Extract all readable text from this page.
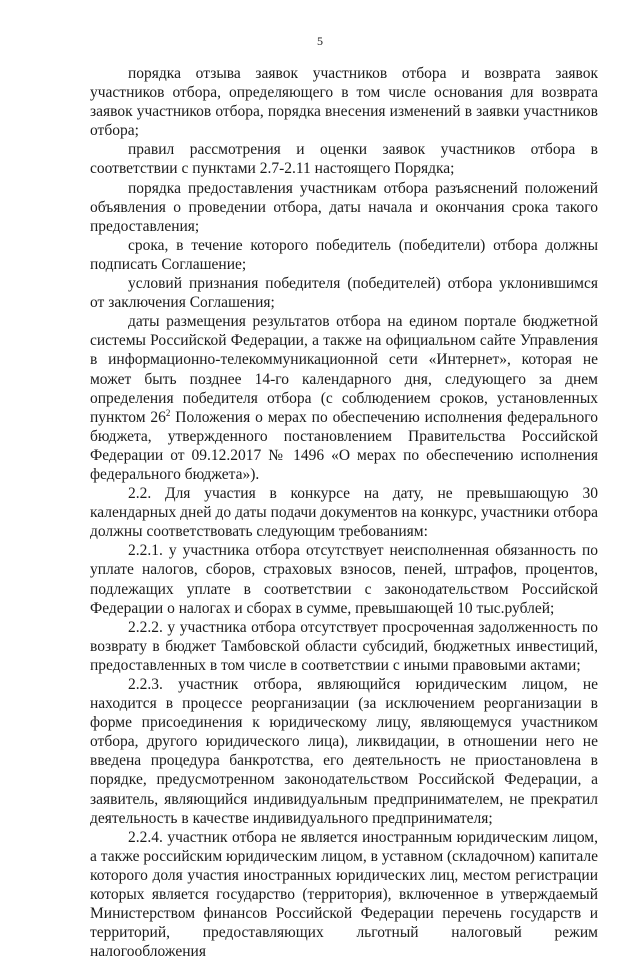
5

порядка отзыва заявок участников отбора и возврата заявок участников отбора, определяющего в том числе основания для возврата заявок участников отбора, порядка внесения изменений в заявки участников отбора;

правил рассмотрения и оценки заявок участников отбора в соответствии с пунктами 2.7-2.11 настоящего Порядка;

порядка предоставления участникам отбора разъяснений положений объявления о проведении отбора, даты начала и окончания срока такого предоставления;

срока, в течение которого победитель (победители) отбора должны подписать Соглашение;

условий признания победителя (победителей) отбора уклонившимся от заключения Соглашения;

даты размещения результатов отбора на едином портале бюджетной системы Российской Федерации, а также на официальном сайте Управления в информационно-телекоммуникационной сети «Интернет», которая не может быть позднее 14-го календарного дня, следующего за днем определения победителя отбора (с соблюдением сроков, установленных пунктом $26^2$ Положения о мерах по обеспечению исполнения федерального бюджета, утвержденного постановлением Правительства Российской Федерации от 09.12.2017 № 1496 «О мерах по обеспечению исполнения федерального бюджета»).

2.2. Для участия в конкурсе на дату, не превышающую 30 календарных дней до даты подачи документов на конкурс, участники отбора должны соответствовать следующим требованиям:

2.2.1. у участника отбора отсутствует неисполненная обязанность по уплате налогов, сборов, страховых взносов, пеней, штрафов, процентов, подлежащих уплате в соответствии с законодательством Российской Федерации о налогах и сборах в сумме, превышающей 10 тыс.рублей;

2.2.2. у участника отбора отсутствует просроченная задолженность по возврату в бюджет Тамбовской области субсидий, бюджетных инвестиций, предоставленных в том числе в соответствии с иными правовыми актами;

2.2.3. участник отбора, являющийся юридическим лицом, не находится в процессе реорганизации (за исключением реорганизации в форме присоединения к юридическому лицу, являющемуся участником отбора, другого юридического лица), ликвидации, в отношении него не введена процедура банкротства, его деятельность не приостановлена в порядке, предусмотренном законодательством Российской Федерации, а заявитель, являющийся индивидуальным предпринимателем, не прекратил деятельность в качестве индивидуального предпринимателя;

2.2.4. участник отбора не является иностранным юридическим лицом, а также российским юридическим лицом, в уставном (складочном) капитале которого доля участия иностранных юридических лиц, местом регистрации которых является государство (территория), включенное в утверждаемый Министерством финансов Российской Федерации перечень государств и территорий, предоставляющих льготный налоговый режим налогообложения
